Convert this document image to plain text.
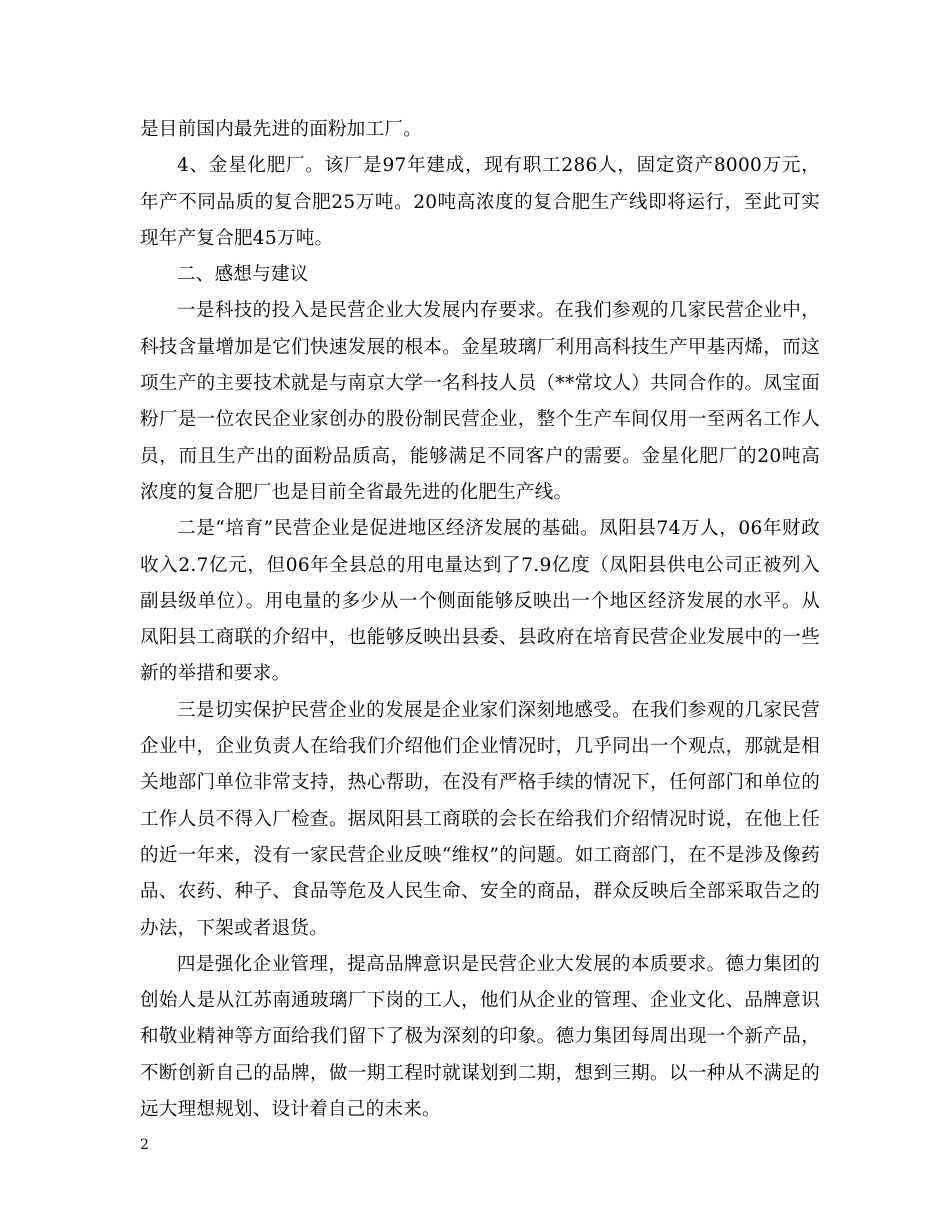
是目前国内最先进的面粉加工厂。

4、金星化肥厂。该厂是97年建成，现有职工286人，固定资产8000万元，年产不同品质的复合肥25万吨。20吨高浓度的复合肥生产线即将运行，至此可实现年产复合肥45万吨。

二、感想与建议

一是科技的投入是民营企业大发展内存要求。在我们参观的几家民营企业中，科技含量增加是它们快速发展的根本。金星玻璃厂利用高科技生产甲基丙烯，而这项生产的主要技术就是与南京大学一名科技人员（**常坟人）共同合作的。凤宝面粉厂是一位农民企业家创办的股份制民营企业，整个生产车间仅用一至两名工作人员，而且生产出的面粉品质高，能够满足不同客户的需要。金星化肥厂的20吨高浓度的复合肥厂也是目前全省最先进的化肥生产线。

二是“培育”民营企业是促进地区经济发展的基础。凤阳县74万人，06年财政收入2.7亿元，但06年全县总的用电量达到了7.9亿度（凤阳县供电公司正被列入副县级单位）。用电量的多少从一个侧面能够反映出一个地区经济发展的水平。从凤阳县工商联的介绍中，也能够反映出县委、县政府在培育民营企业发展中的一些新的举措和要求。

三是切实保护民营企业的发展是企业家们深刻地感受。在我们参观的几家民营企业中，企业负责人在给我们介绍他们企业情况时，几乎同出一个观点，那就是相关地部门单位非常支持，热心帮助，在没有严格手续的情况下，任何部门和单位的工作人员不得入厂检查。据凤阳县工商联的会长在给我们介绍情况时说，在他上任的近一年来，没有一家民营企业反映“维权”的问题。如工商部门，在不是涉及像药品、农药、种子、食品等危及人民生命、安全的商品，群众反映后全部采取告之的办法，下架或者退货。

四是强化企业管理，提高品牌意识是民营企业大发展的本质要求。德力集团的创始人是从江苏南通玻璃厂下岗的工人，他们从企业的管理、企业文化、品牌意识和敬业精神等方面给我们留下了极为深刻的印象。德力集团每周出现一个新产品，不断创新自己的品牌，做一期工程时就谋划到二期，想到三期。以一种从不满足的远大理想规划、设计着自己的未来。

2
